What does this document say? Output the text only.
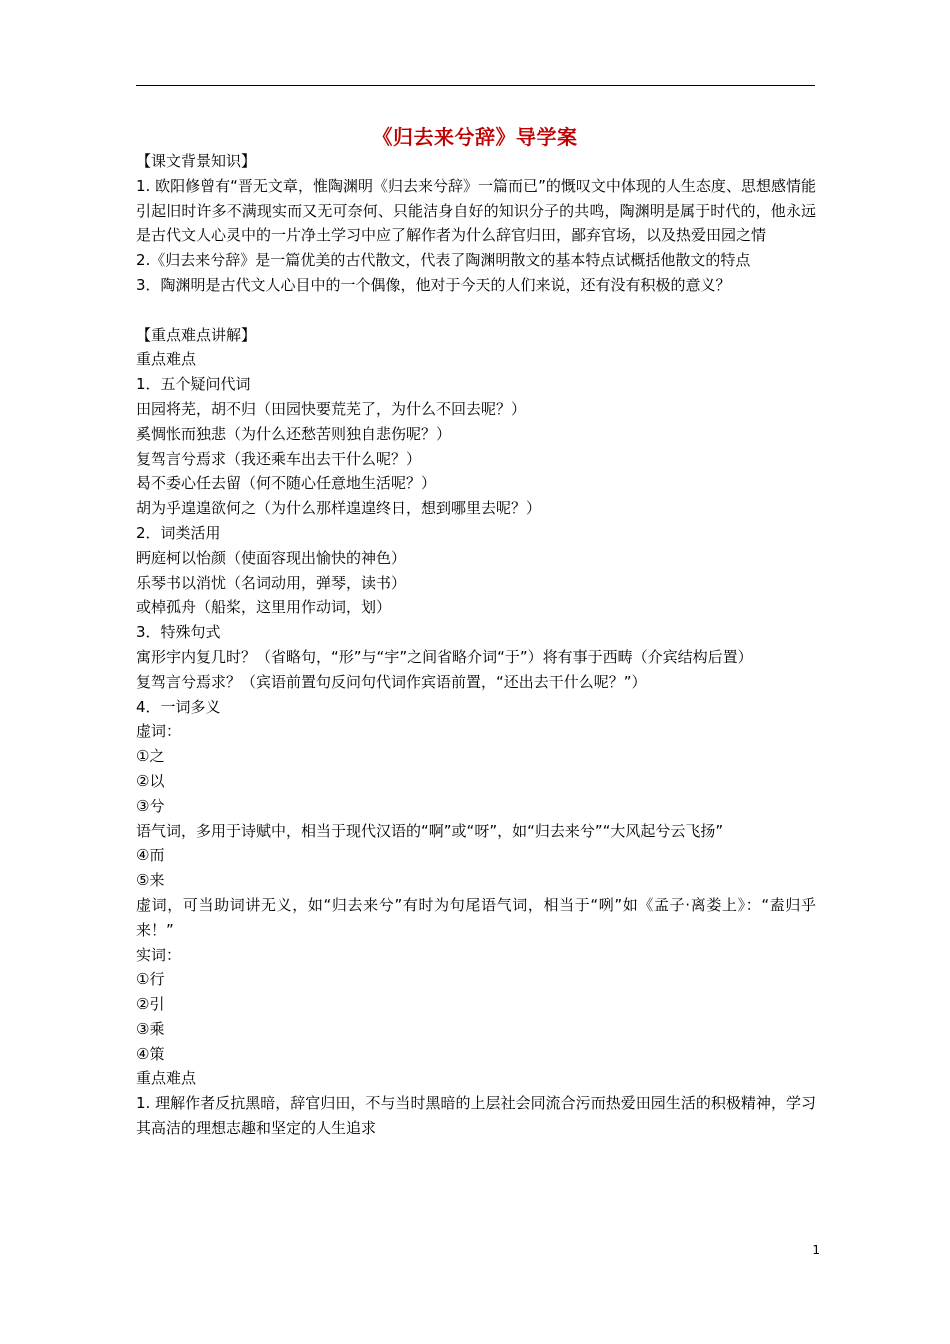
《归去来兮辞》导学案
【课文背景知识】
1. 欧阳修曾有“晋无文章，惟陶渊明《归去来兮辞》一篇而已”的慨叹文中体现的人生态度、思想感情能引起旧时许多不满现实而又无可奈何、只能洁身自好的知识分子的共鸣，陶渊明是属于时代的，他永远是古代文人心灵中的一片净土学习中应了解作者为什么辞官归田，鄙弃官场，以及热爱田园之情
2.《归去来兮辞》是一篇优美的古代散文，代表了陶渊明散文的基本特点试概括他散文的特点
3．陶渊明是古代文人心目中的一个偶像，他对于今天的人们来说，还有没有积极的意义？
【重点难点讲解】
重点难点
1．五个疑问代词
田园将芜，胡不归（田园快要荒芜了，为什么不回去呢？）
奚惆怅而独悲（为什么还愁苦则独自悲伤呢？）
复驾言兮焉求（我还乘车出去干什么呢？）
曷不委心任去留（何不随心任意地生活呢？）
胡为乎遑遑欲何之（为什么那样遑遑终日，想到哪里去呢？）
2．词类活用
眄庭柯以怡颜（使面容现出愉快的神色）
乐琴书以消忧（名词动用，弹琴，读书）
或棹孤舟（船桨，这里用作动词，划）
3．特殊句式
寓形宇内复几时？（省略句，“形”与“宇”之间省略介词“于”）将有事于西畴（介宾结构后置）
复驾言兮焉求？（宾语前置句反问句代词作宾语前置，“还出去干什么呢？”）
4．一词多义
虚词：
①之
②以
③兮
语气词，多用于诗赋中，相当于现代汉语的“啊”或“呀”，如“归去来兮”“大风起兮云飞扬”
④而
⑤来
虚词，可当助词讲无义，如“归去来兮”有时为句尾语气词，相当于“咧”如《孟子·离娄上》：“盍归乎来！”
实词：
①行
②引
③乘
④策
重点难点
1. 理解作者反抗黑暗，辞官归田，不与当时黑暗的上层社会同流合污而热爱田园生活的积极精神，学习其高洁的理想志趣和坚定的人生追求
1
